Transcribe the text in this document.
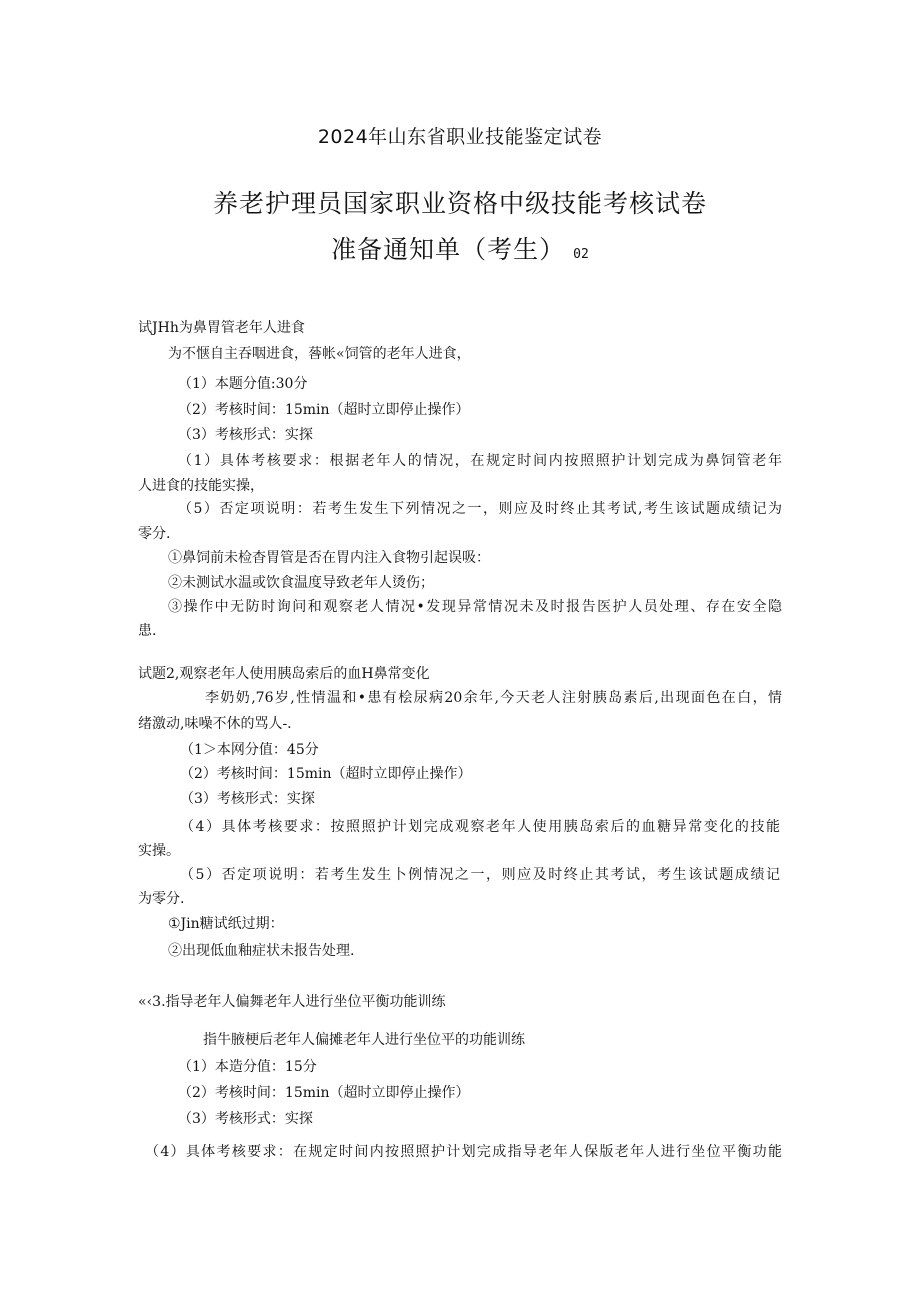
2024年山东省职业技能鉴定试卷
养老护理员国家职业资格中级技能考核试卷
准备通知单（考生） 02
试JHh为鼻胃管老年人进食
为不惬自主吞咽进食，䓘帐«饲管的老年人进食，
（1）本题分值:30分
（2）考核时间：15min（超时立即停止操作）
（3）考核形式：实探
（1）具体考核要求：根据老年人的情况，在规定时间内按照照护计划完成为鼻饲管老年
人进食的技能实操，
（5）否定项说明：若考生发生下列情况之一，则应及时终止其考试,考生该试题成绩记为
零分.
①鼻饲前未检杳胃管是否在胃内注入食物引起误吸：
②未测试水温或饮食温度导致老年人烫伤；
③操作中无防时询问和观察老人情况•发现异常情况未及时报告医护人员处理、存在安全隐
患.
试题2,观察老年人使用胰岛索后的血H鼻常变化
李奶奶,76岁,性情温和•患有桧尿病20余年,今天老人注射胰岛素后,出现面色在白，情
绪激动,味噪不休的骂人-.
（1＞本网分值：45分
（2）考核时间：15min（超时立即停止操作）
（3）考核形式：实探
（4）具体考核要求：按照照护计划完成观察老年人使用胰岛索后的血糖异常变化的技能
实操。
（5）否定项说明：若考生发生卜例情况之一，则应及时终止其考试，考生该试题成绩记
为零分.
①Jin糖试纸过期：
②出现低血釉症状未报告处理.
«‹3.指导老年人偏舞老年人进行坐位平衡功能训练
指牛腋梗后老年人偏摊老年人进行坐位平的功能训练
（1）本造分值：15分
（2）考核时间：15min（超时立即停止操作）
（3）考核形式：实探
（4）具体考核要求：在规定时间内按照照护计划完成指导老年人保版老年人进行坐位平衡功能
